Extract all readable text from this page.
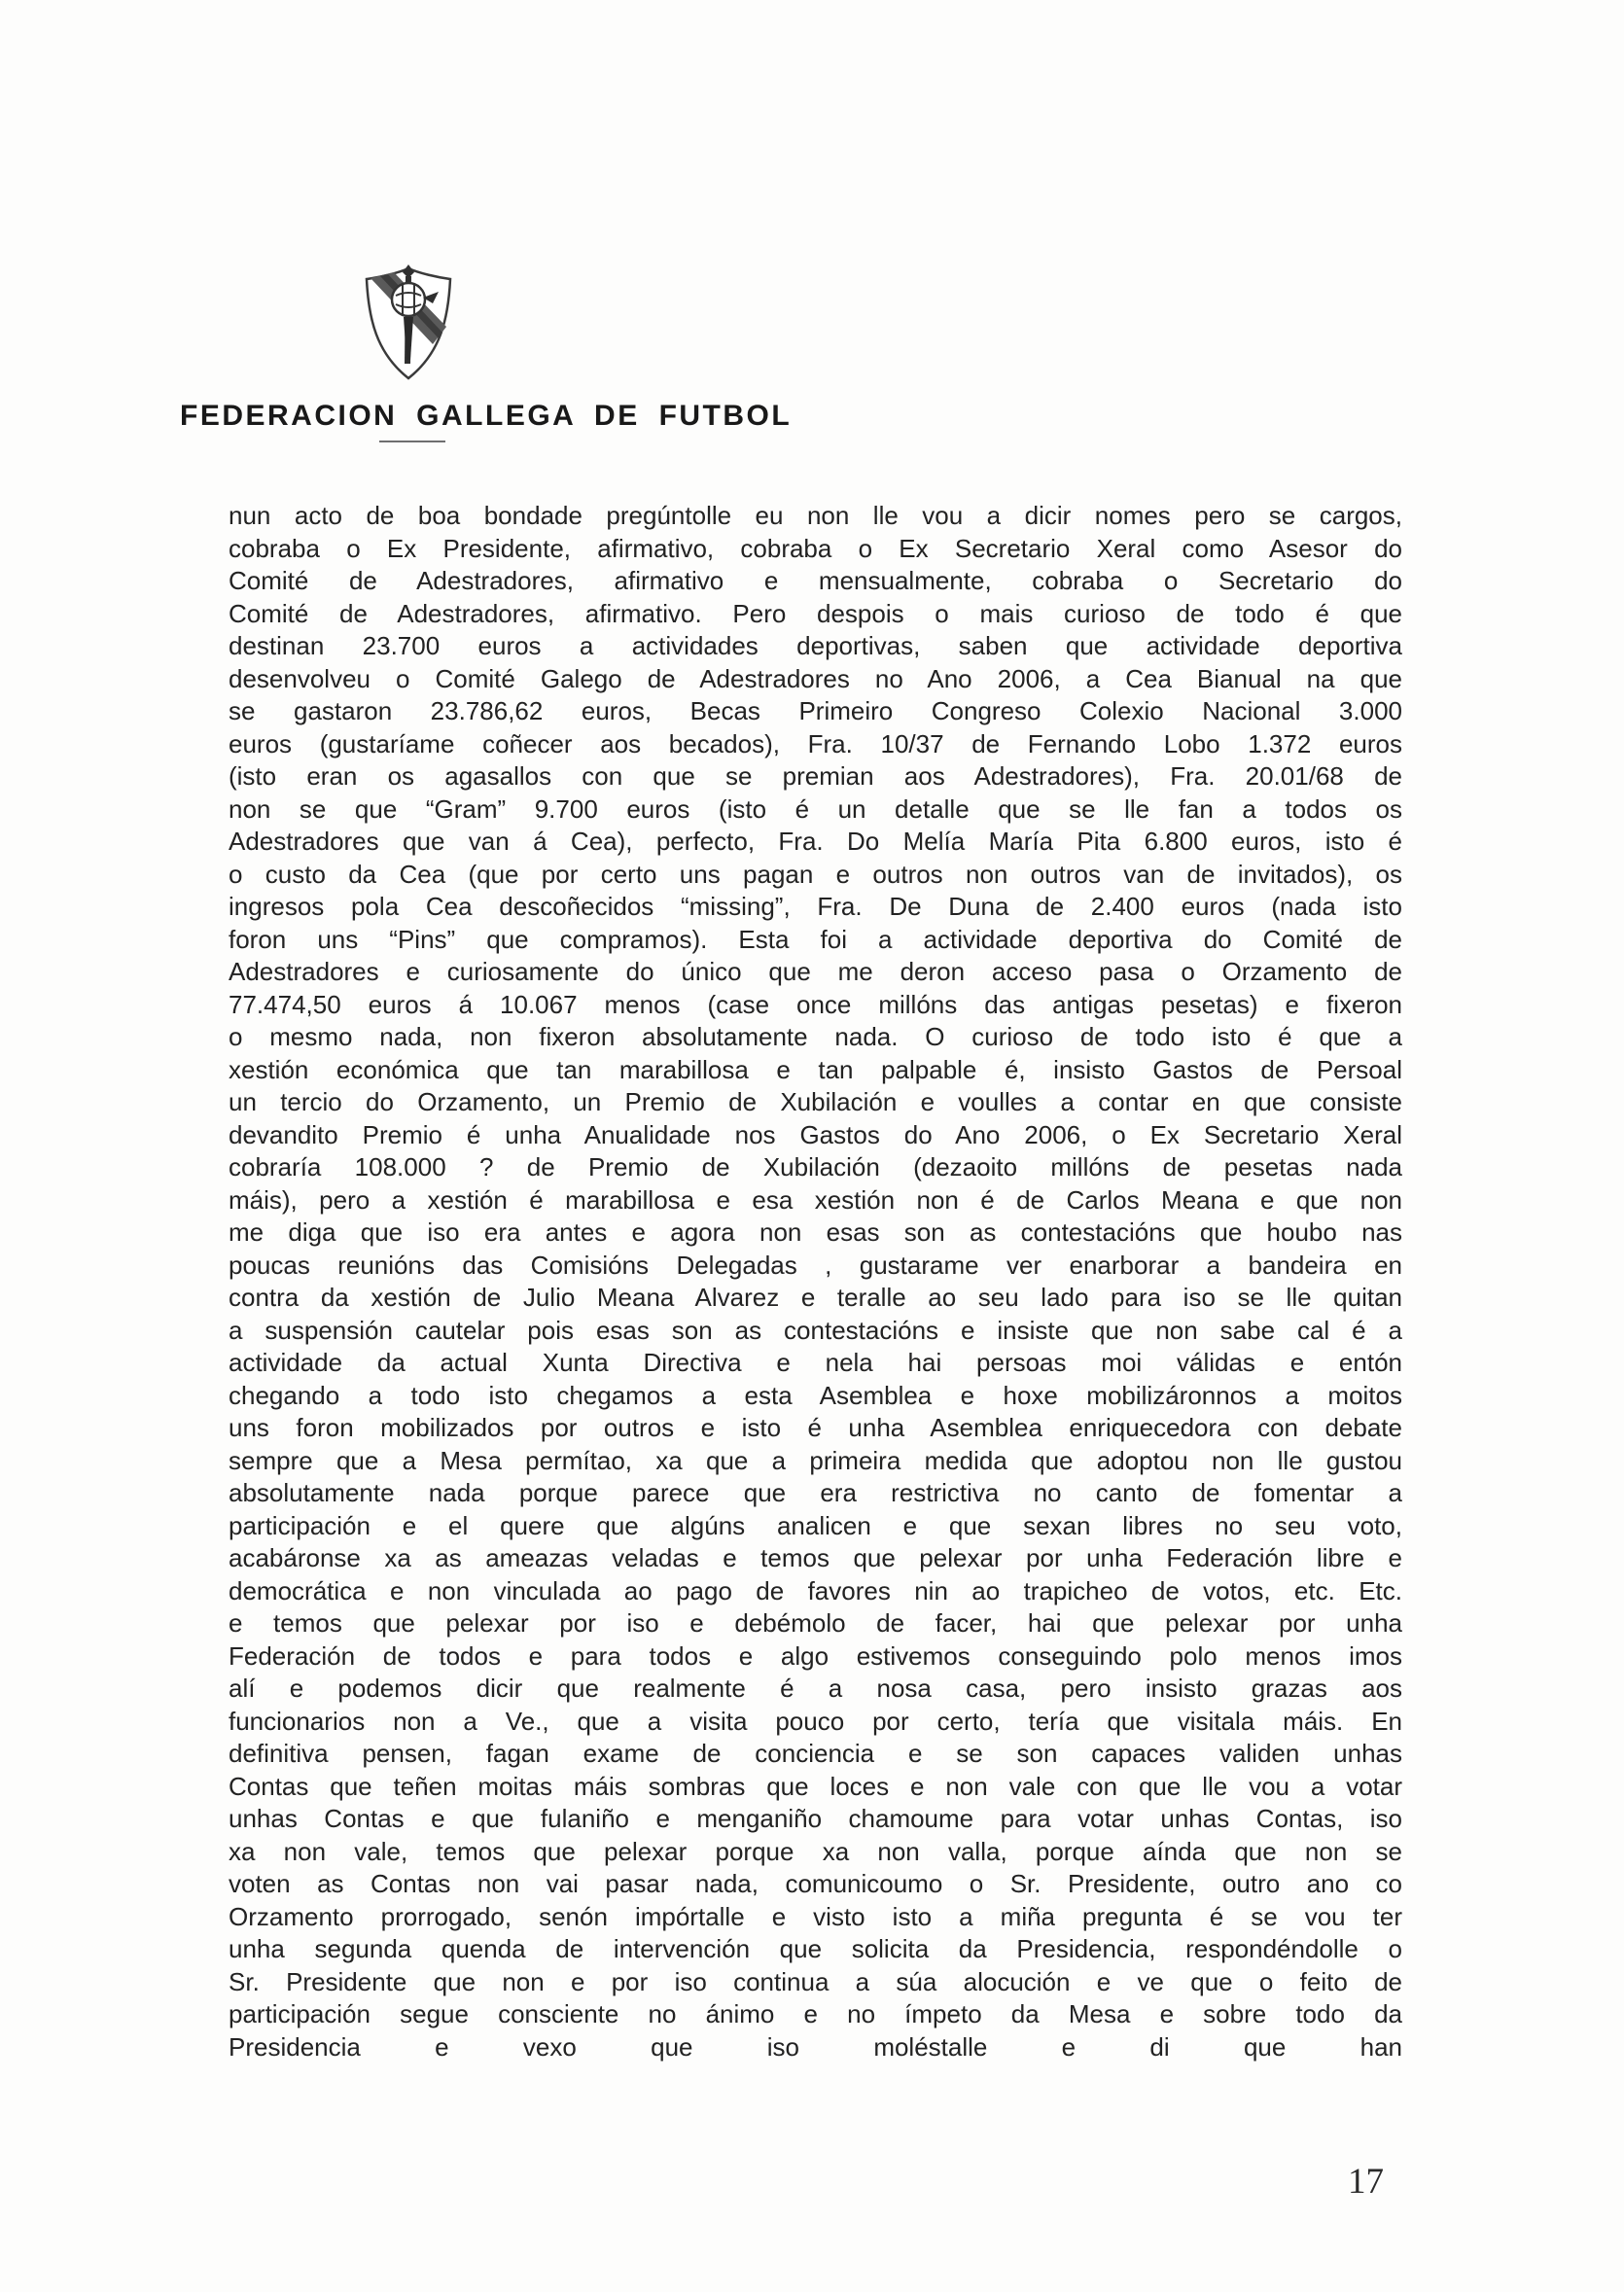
FEDERACION GALLEGA DE FUTBOL
nun acto de boa bondade pregúntolle eu non lle vou a dicir nomes pero se cargos,
cobraba o Ex Presidente, afirmativo, cobraba o Ex Secretario Xeral como Asesor do
Comité de Adestradores, afirmativo e mensualmente, cobraba o Secretario do
Comité de Adestradores, afirmativo. Pero despois o mais curioso de todo é que
destinan 23.700 euros a actividades deportivas, saben que actividade deportiva
desenvolveu o Comité Galego de Adestradores no Ano 2006, a Cea Bianual na que
se gastaron 23.786,62 euros, Becas Primeiro Congreso Colexio Nacional 3.000
euros (gustaríame coñecer aos becados), Fra. 10/37 de Fernando Lobo 1.372 euros
(isto eran os agasallos con que se premian aos Adestradores), Fra. 20.01/68 de
non se que “Gram” 9.700 euros (isto é un detalle que se lle fan a todos os
Adestradores que van á Cea), perfecto, Fra. Do Melía María Pita 6.800 euros, isto é
o custo da Cea (que por certo uns pagan e outros non outros van de invitados), os
ingresos pola Cea descoñecidos “missing”, Fra. De Duna de 2.400 euros (nada isto
foron uns “Pins” que compramos). Esta foi a actividade deportiva do Comité de
Adestradores e curiosamente do único que me deron acceso pasa o Orzamento de
77.474,50 euros á 10.067 menos (case once millóns das antigas pesetas) e fixeron
o mesmo nada, non fixeron absolutamente nada. O curioso de todo isto é que a
xestión económica que tan marabillosa e tan palpable é, insisto Gastos de Persoal
un tercio do Orzamento, un Premio de Xubilación e voulles a contar en que consiste
devandito Premio é unha Anualidade nos Gastos do Ano 2006, o Ex Secretario Xeral
cobraría 108.000 ? de Premio de Xubilación (dezaoito millóns de pesetas nada
máis), pero a xestión é marabillosa e esa xestión non é de Carlos Meana e que non
me diga que iso era antes e agora non esas son as contestacións que houbo nas
poucas reunións das Comisións Delegadas , gustarame ver enarborar a bandeira en
contra da xestión de Julio Meana Alvarez e teralle ao seu lado para iso se lle quitan
a suspensión cautelar pois esas son as contestacións e insiste que non sabe cal é a
actividade da actual Xunta Directiva e nela hai persoas moi válidas e entón
chegando a todo isto chegamos a esta Asemblea e hoxe mobilizáronnos a moitos
uns foron mobilizados por outros e isto é unha Asemblea enriquecedora con debate
sempre que a Mesa permítao, xa que a primeira medida que adoptou non lle gustou
absolutamente nada porque parece que era restrictiva no canto de fomentar a
participación e el quere que algúns analicen e que sexan libres no seu voto,
acabáronse xa as ameazas veladas e temos que pelexar por unha Federación libre e
democrática e non vinculada ao pago de favores nin ao trapicheo de votos, etc. Etc.
e temos que pelexar por iso e debémolo de facer, hai que pelexar por unha
Federación de todos e para todos e algo estivemos conseguindo polo menos imos
alí e podemos dicir que realmente é a nosa casa, pero insisto grazas aos
funcionarios non a Ve., que a visita pouco por certo, tería que visitala máis. En
definitiva pensen, fagan exame de conciencia e se son capaces validen unhas
Contas que teñen moitas máis sombras que loces e non vale con que lle vou a votar
unhas Contas e que fulaniño e menganiño chamoume para votar unhas Contas, iso
xa non vale, temos que pelexar porque xa non valla, porque aínda que non se
voten as Contas non vai pasar nada, comunicoumo o Sr. Presidente, outro ano co
Orzamento prorrogado, senón impórtalle e visto isto a miña pregunta é se vou ter
unha segunda quenda de intervención que solicita da Presidencia, respondéndolle o
Sr. Presidente que non e por iso continua a súa alocución e ve que o feito de
participación segue consciente no ánimo e no ímpeto da Mesa e sobre todo da
Presidencia e vexo que iso moléstalle e di que han
17
